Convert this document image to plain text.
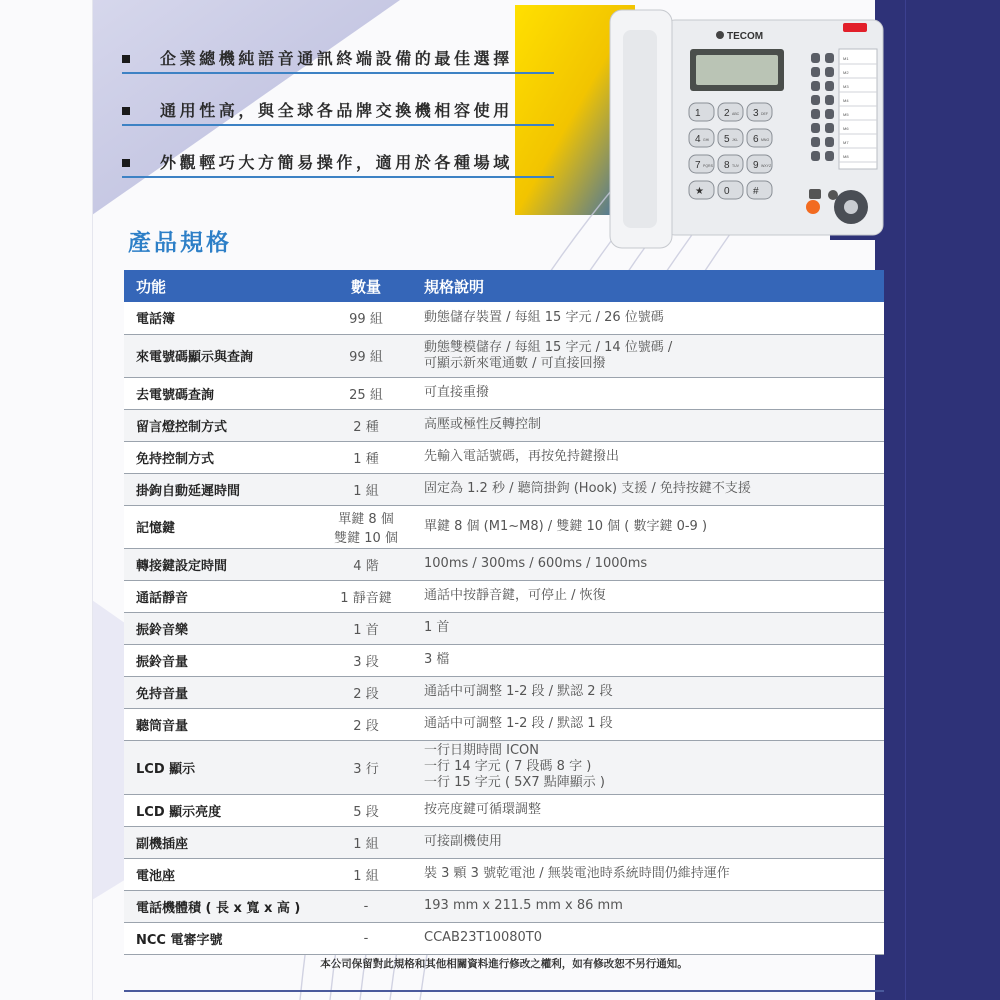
企業總機純語音通訊終端設備的最佳選擇
通用性高，與全球各品牌交換機相容使用
外觀輕巧大方簡易操作，適用於各種場域
產品規格
TECOM
1 2 ABC 3 DEF
4 GHI 5 JKL 6 MNO
7 PQRS 8 TUV 9 WXYZ
★ 0 #
M1
M2
M3
M4
M5
M6
M7
M8
功能	數量	規格說明
電話簿	99 組	動態儲存裝置 / 每組 15 字元 / 26 位號碼

來電號碼顯示與查詢	99 組	動態雙模儲存 / 每組 15 字元 / 14 位號碼 /
可顯示新來電通數 / 可直接回撥

去電號碼查詢	25 組	可直接重撥

留言燈控制方式	2 種	高壓或極性反轉控制

免持控制方式	1 種	先輸入電話號碼，再按免持鍵撥出

掛鉤自動延遲時間	1 組	固定為 1.2 秒 / 聽筒掛鉤 (Hook) 支援 / 免持按鍵不支援

記憶鍵	單鍵 8 個
雙鍵 10 個	單鍵 8 個 (M1~M8) / 雙鍵 10 個 ( 數字鍵 0-9 )

轉接鍵設定時間	4 階	100ms / 300ms / 600ms / 1000ms

通話靜音	1 靜音鍵	通話中按靜音鍵，可停止 / 恢復

振鈴音樂	1 首	1 首

振鈴音量	3 段	3 檔

免持音量	2 段	通話中可調整 1-2 段 / 默認 2 段

聽筒音量	2 段	通話中可調整 1-2 段 / 默認 1 段

LCD 顯示	3 行	一行日期時間 ICON
一行 14 字元 ( 7 段碼 8 字 )
一行 15 字元 ( 5X7 點陣顯示 )

LCD 顯示亮度	5 段	按亮度鍵可循環調整

副機插座	1 組	可接副機使用

電池座	1 組	裝 3 顆 3 號乾電池 / 無裝電池時系統時間仍維持運作

電話機體積 ( 長 x 寬 x 高 )	-	193 mm x 211.5 mm x 86 mm

NCC 電審字號	-	CCAB23T10080T0
本公司保留對此規格和其他相關資料進行修改之權利，如有修改恕不另行通知。
